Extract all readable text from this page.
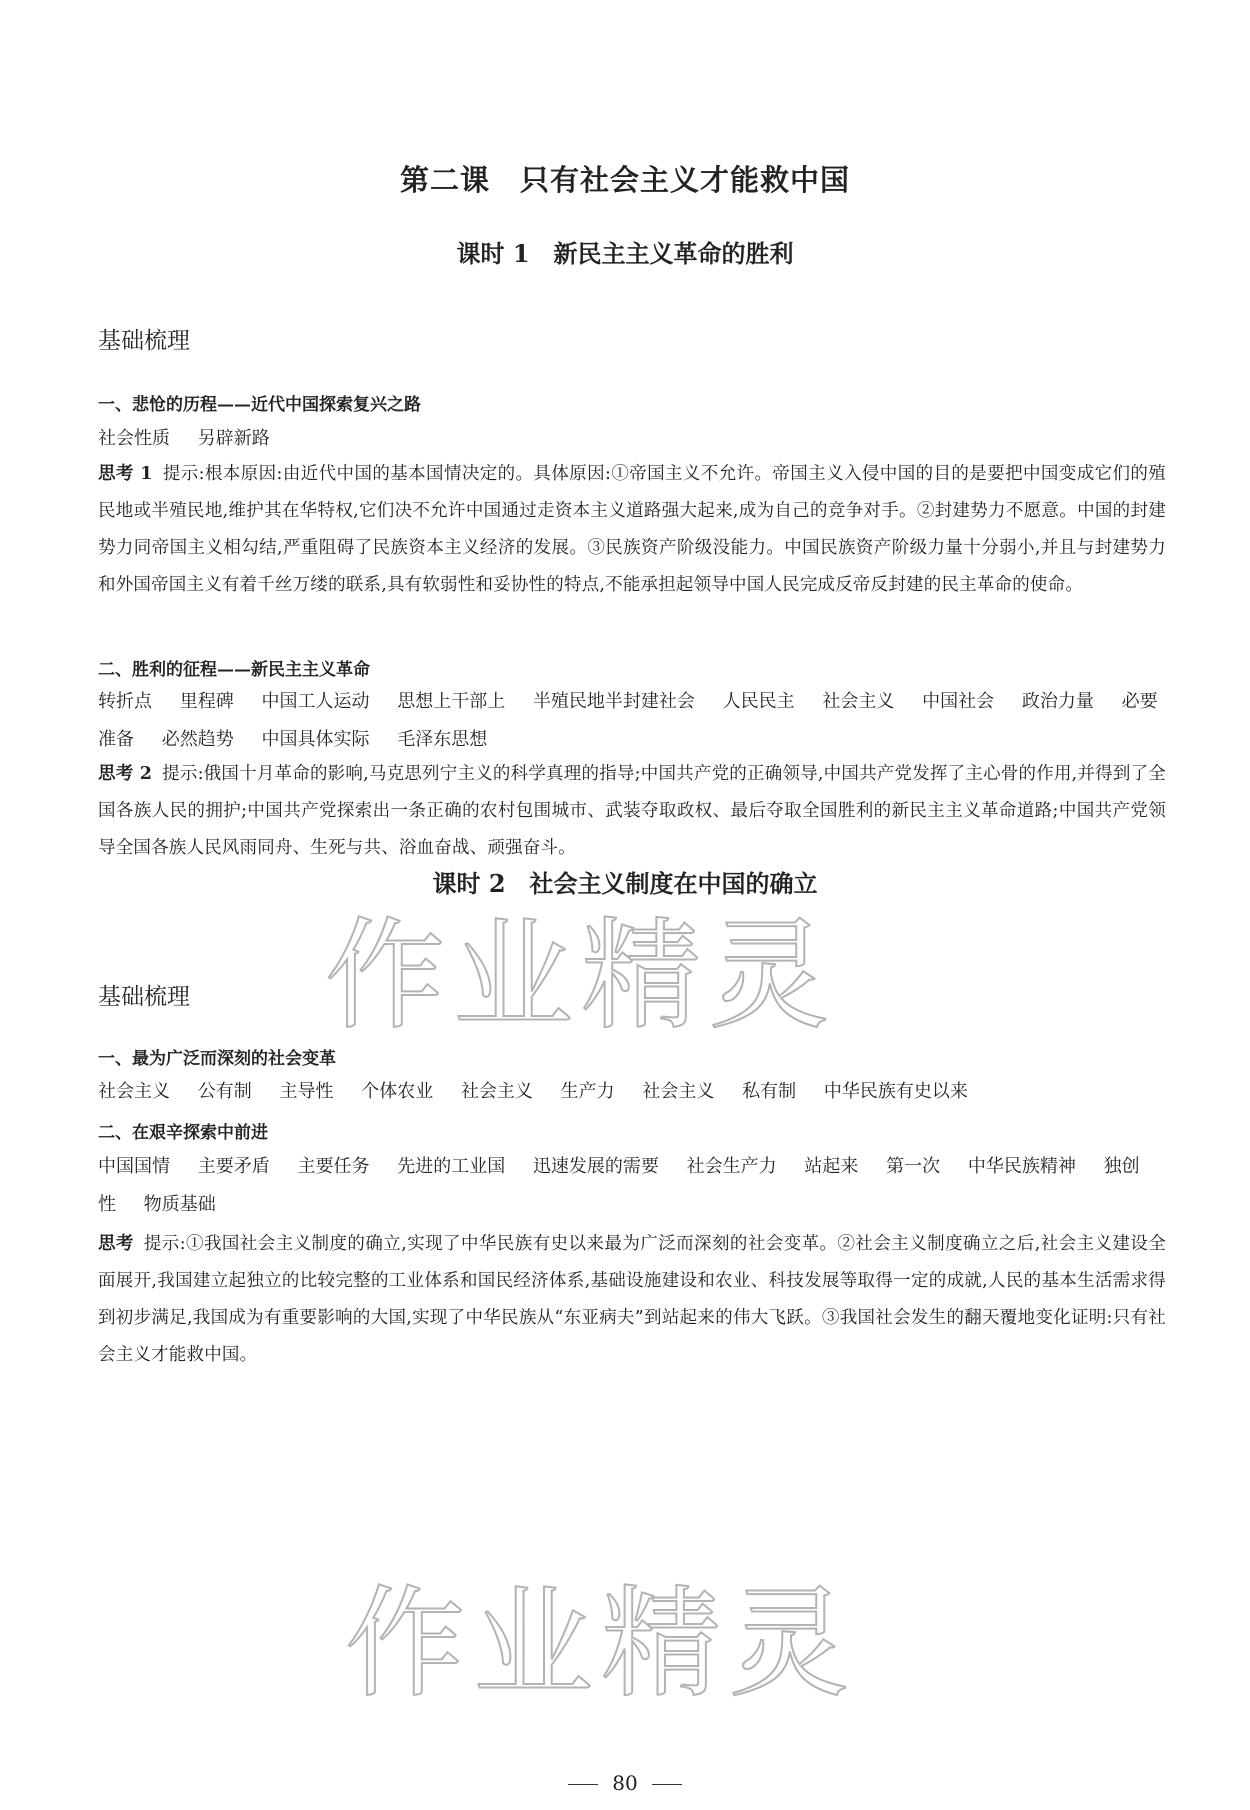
第二课　只有社会主义才能救中国
课时 1　新民主主义革命的胜利
基础梳理
一、悲怆的历程——近代中国探索复兴之路
社会性质 另辟新路
思考 1 提示:根本原因:由近代中国的基本国情决定的。具体原因:①帝国主义不允许。帝国主义入侵中国的目的是要把中国变成它们的殖民地或半殖民地,维护其在华特权,它们决不允许中国通过走资本主义道路强大起来,成为自己的竞争对手。②封建势力不愿意。中国的封建势力同帝国主义相勾结,严重阻碍了民族资本主义经济的发展。③民族资产阶级没能力。中国民族资产阶级力量十分弱小,并且与封建势力和外国帝国主义有着千丝万缕的联系,具有软弱性和妥协性的特点,不能承担起领导中国人民完成反帝反封建的民主革命的使命。
二、胜利的征程——新民主主义革命
转折点 里程碑 中国工人运动 思想上干部上 半殖民地半封建社会 人民民主 社会主义 中国社会 政治力量 必要准备 必然趋势 中国具体实际 毛泽东思想
思考 2 提示:俄国十月革命的影响,马克思列宁主义的科学真理的指导;中国共产党的正确领导,中国共产党发挥了主心骨的作用,并得到了全国各族人民的拥护;中国共产党探索出一条正确的农村包围城市、武装夺取政权、最后夺取全国胜利的新民主主义革命道路;中国共产党领导全国各族人民风雨同舟、生死与共、浴血奋战、顽强奋斗。
课时 2　社会主义制度在中国的确立
基础梳理
一、最为广泛而深刻的社会变革
社会主义 公有制 主导性 个体农业 社会主义 生产力 社会主义 私有制 中华民族有史以来
二、在艰辛探索中前进
中国国情 主要矛盾 主要任务 先进的工业国 迅速发展的需要 社会生产力 站起来 第一次 中华民族精神 独创性 物质基础
思考 提示:①我国社会主义制度的确立,实现了中华民族有史以来最为广泛而深刻的社会变革。②社会主义制度确立之后,社会主义建设全面展开,我国建立起独立的比较完整的工业体系和国民经济体系,基础设施建设和农业、科技发展等取得一定的成就,人民的基本生活需求得到初步满足,我国成为有重要影响的大国,实现了中华民族从“东亚病夫”到站起来的伟大飞跃。③我国社会发生的翻天覆地变化证明:只有社会主义才能救中国。
作业精灵
作业精灵
80
